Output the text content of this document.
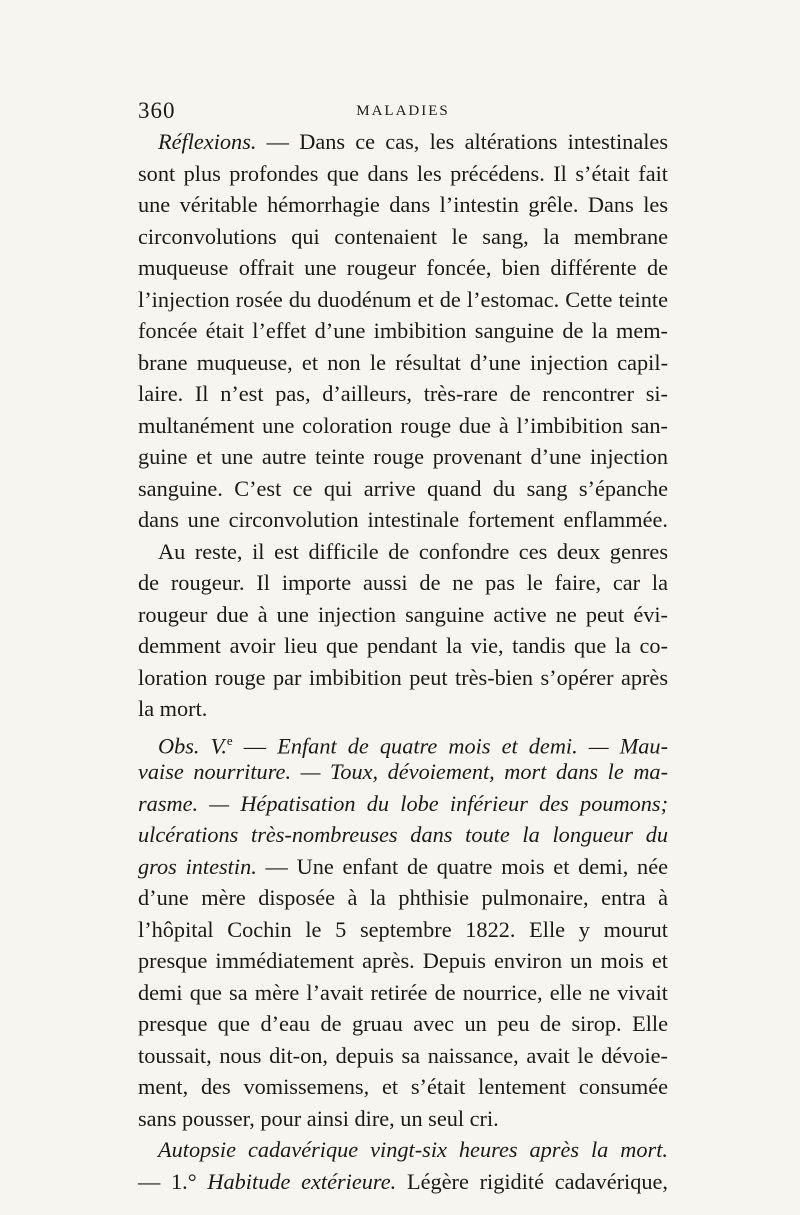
360	MALADIES
Réflexions. — Dans ce cas, les altérations intestinales
sont plus profondes que dans les précédens. Il s’était fait
une véritable hémorrhagie dans l’intestin grêle. Dans les
circonvolutions qui contenaient le sang, la membrane
muqueuse offrait une rougeur foncée, bien différente de
l’injection rosée du duodénum et de l’estomac. Cette teinte
foncée était l’effet d’une imbibition sanguine de la mem-
brane muqueuse, et non le résultat d’une injection capil-
laire. Il n’est pas, d’ailleurs, très-rare de rencontrer si-
multanément une coloration rouge due à l’imbibition san-
guine et une autre teinte rouge provenant d’une injection
sanguine. C’est ce qui arrive quand du sang s’épanche
dans une circonvolution intestinale fortement enflammée.
Au reste, il est difficile de confondre ces deux genres
de rougeur. Il importe aussi de ne pas le faire, car la
rougeur due à une injection sanguine active ne peut évi-
demment avoir lieu que pendant la vie, tandis que la co-
loration rouge par imbibition peut très-bien s’opérer après
la mort.
Obs. V.$^e$ — Enfant de quatre mois et demi. — Mau-
vaise nourriture. — Toux, dévoiement, mort dans le ma-
rasme. — Hépatisation du lobe inférieur des poumons;
ulcérations très-nombreuses dans toute la longueur du
gros intestin. — Une enfant de quatre mois et demi, née
d’une mère disposée à la phthisie pulmonaire, entra à
l’hôpital Cochin le 5 septembre 1822. Elle y mourut
presque immédiatement après. Depuis environ un mois et
demi que sa mère l’avait retirée de nourrice, elle ne vivait
presque que d’eau de gruau avec un peu de sirop. Elle
toussait, nous dit-on, depuis sa naissance, avait le dévoie-
ment, des vomissemens, et s’était lentement consumée
sans pousser, pour ainsi dire, un seul cri.
Autopsie cadavérique vingt-six heures après la mort.
— 1.° Habitude extérieure. Légère rigidité cadavérique,
